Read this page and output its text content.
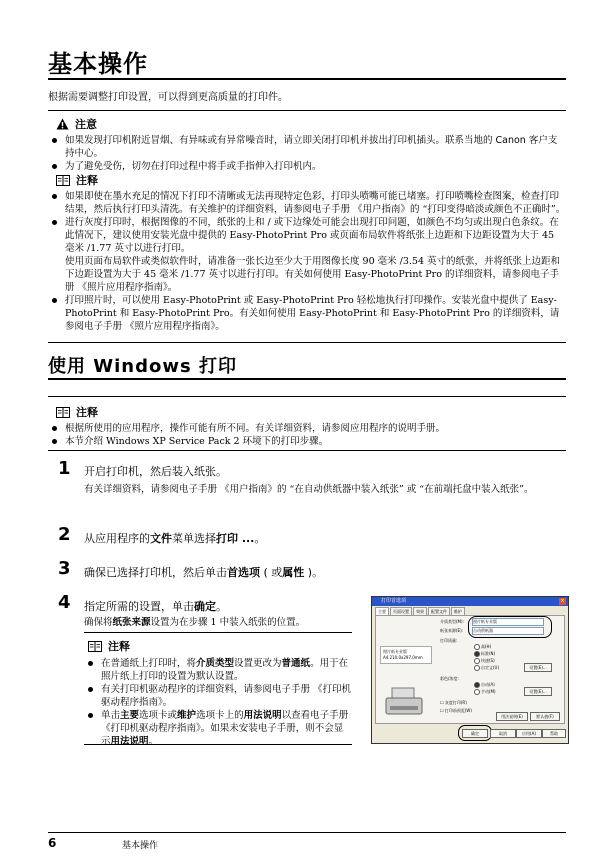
基本操作
根据需要调整打印设置，可以得到更高质量的打印件。
注意
如果发现打印机附近冒烟、有异味或有异常噪音时，请立即关闭打印机并拔出打印机插头。联系当地的 Canon 客户支持中心。
为了避免受伤，切勿在打印过程中将手或手指伸入打印机内。
注释
如果即使在墨水充足的情况下打印不清晰或无法再现特定色彩，打印头喷嘴可能已堵塞。打印喷嘴检查图案，检查打印结果，然后执行打印头清洗。有关维护的详细资料，请参阅电子手册 《用户指南》的 “打印变得暗淡或颜色不正确时”。
进行灰度打印时，根据图像的不同，纸张的上和 / 或下边缘处可能会出现打印问题，如颜色不均匀或出现白色条纹。在此情况下，建议使用安装光盘中提供的 Easy-PhotoPrint Pro 或页面布局软件将纸张上边距和下边距设置为大于 45 毫米 /1.77 英寸以进行打印。
使用页面布局软件或类似软件时，请准备一张长边至少大于用图像长度 90 毫米 /3.54 英寸的纸张，并将纸张上边距和下边距设置为大于 45 毫米 /1.77 英寸以进行打印。有关如何使用 Easy-PhotoPrint Pro 的详细资料，请参阅电子手册 《照片应用程序指南》。
打印照片时，可以使用 Easy-PhotoPrint 或 Easy-PhotoPrint Pro 轻松地执行打印操作。安装光盘中提供了 Easy-PhotoPrint 和 Easy-PhotoPrint Pro。有关如何使用 Easy-PhotoPrint 和 Easy-PhotoPrint Pro 的详细资料，请参阅电子手册 《照片应用程序指南》。
使用 Windows 打印
注释
根据所使用的应用程序，操作可能有所不同。有关详细资料，请参阅应用程序的说明手册。
本节介绍 Windows XP Service Pack 2 环境下的打印步骤。
1 开启打印机，然后装入纸张。
有关详细资料，请参阅电子手册 《用户指南》的 “在自动供纸器中装入纸张” 或 “在前端托盘中装入纸张”。
2 从应用程序的文件菜单选择打印 ...。
3 确保已选择打印机，然后单击首选项 ( 或属性 )。
4 指定所需的设置，单击确定。
确保将纸张来源设置为在步骤 1 中装入纸张的位置。
注释
在普通纸上打印时，将介质类型设置更改为普通纸。用于在照片纸上打印的设置为默认设置。
有关打印机驱动程序的详细资料，请参阅电子手册 《打印机驱动程序指南》。
单击主要选项卡或维护选项卡上的用法说明以查看电子手册 《打印机驱动程序指南》。如果未安装电子手册，则不会显示用法说明。
打印首选项	×
主要	页面设置	效果	配置文件	维护
照片纸专业版
A4 210.0x297.0mm
介质类型(M): 照片纸专业版
纸张来源(E):	自动供纸器
打印质量:
高(H)
标准(N)
快速(S)
自定义(U)	设置(E)...
彩色/浓度:
自动(A)
手动(M)	设置(E)...
☐ 灰度打印(R)
☐ 打印前预览(W)
用法说明(E)	默认值(F)
确定	取消	应用(A)	帮助
6	基本操作
